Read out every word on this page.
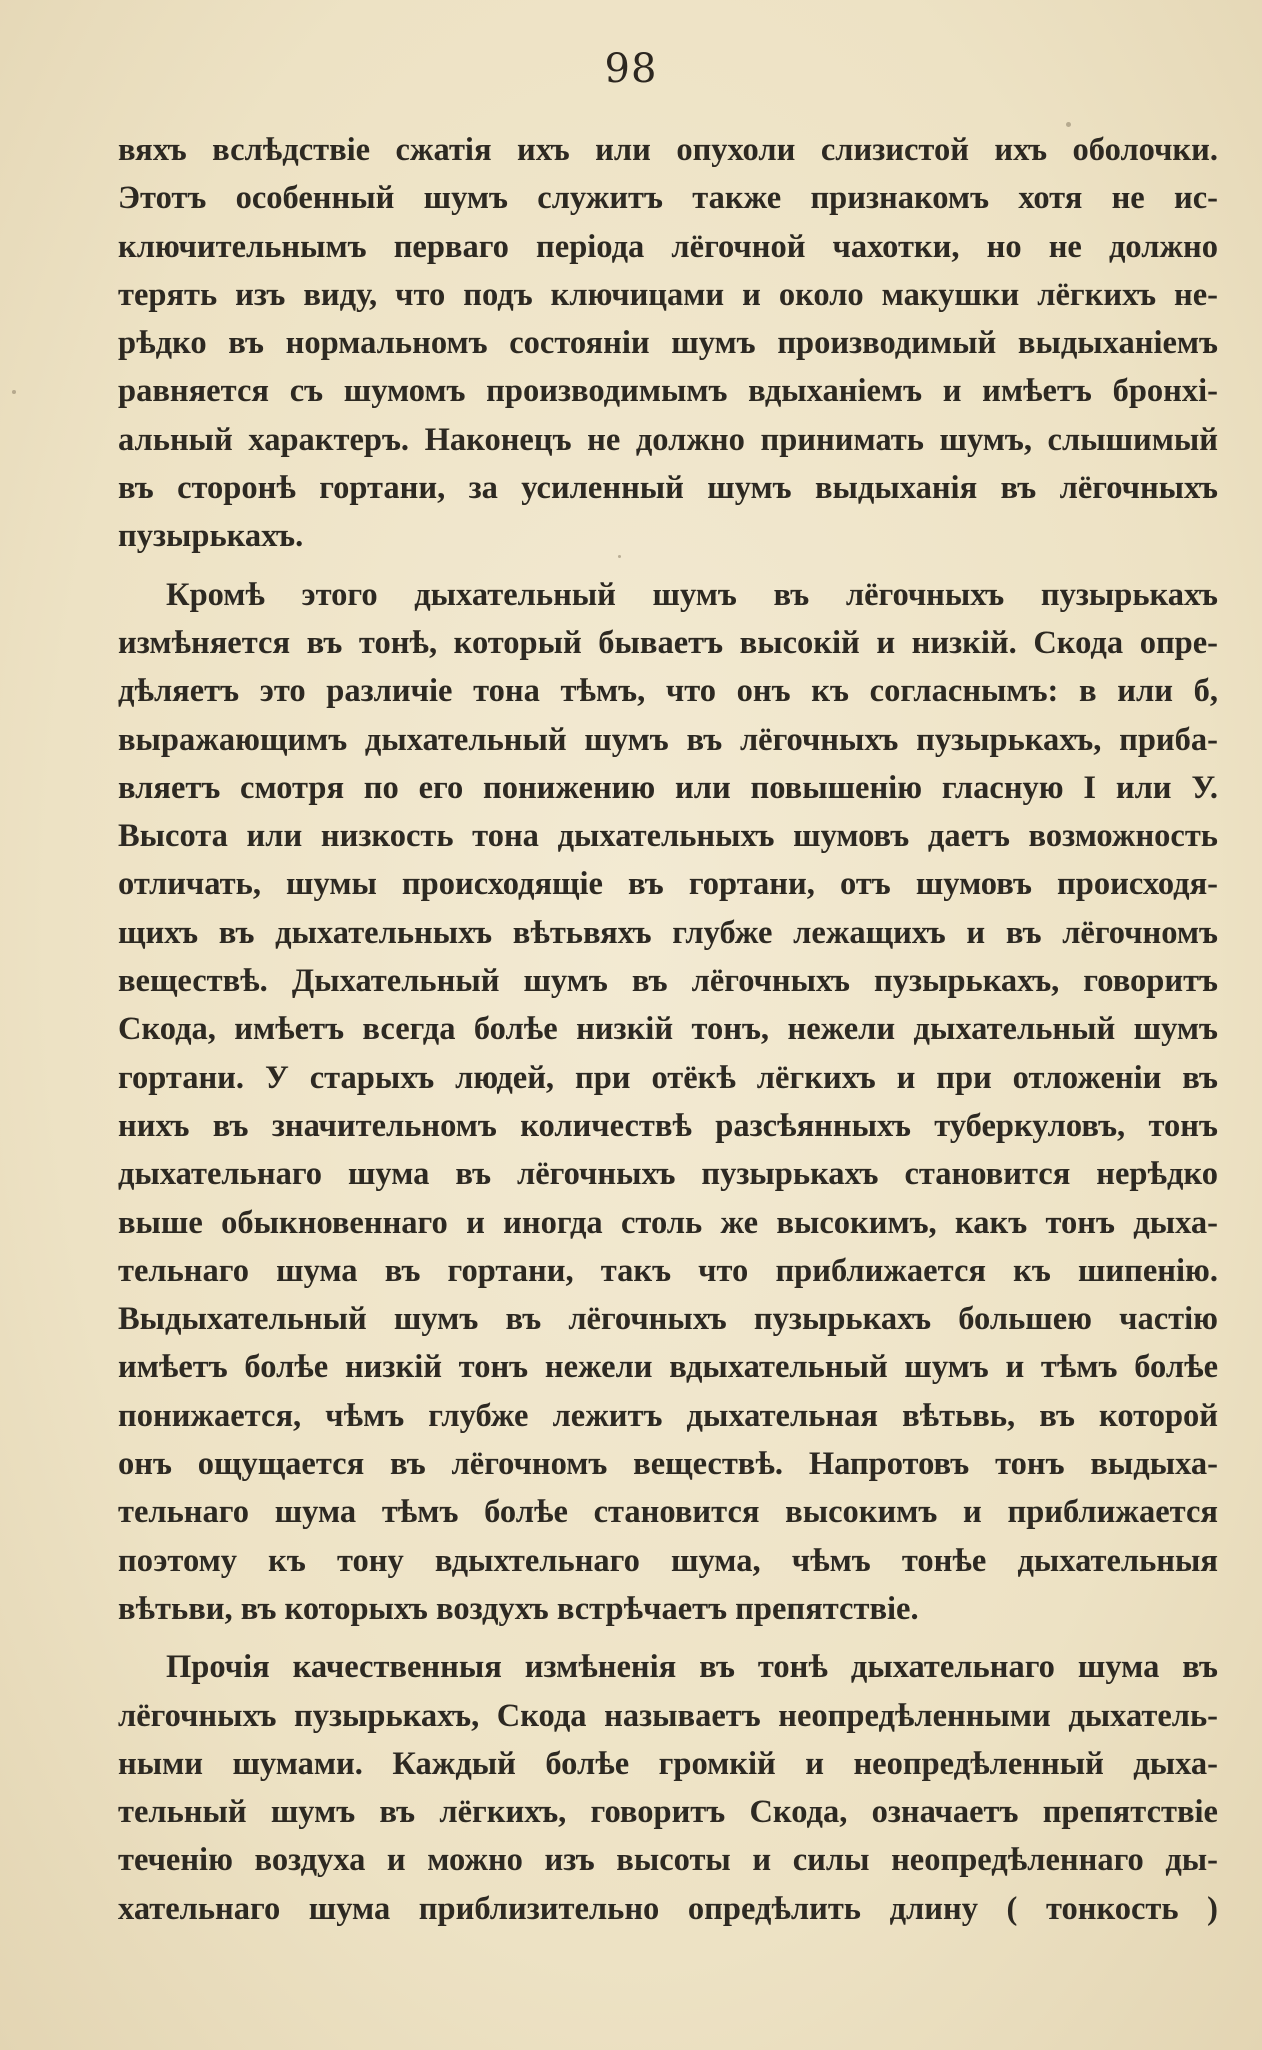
98
вяхъ вслѣдствіе сжатія ихъ или опухоли слизистой ихъ оболочки.
Этотъ особенный шумъ служитъ также признакомъ хотя не ис-
ключительнымъ перваго періода лёгочной чахотки, но не должно
терять изъ виду, что подъ ключицами и около макушки лёгкихъ не-
рѣдко въ нормальномъ состояніи шумъ производимый выдыханіемъ
равняется съ шумомъ производимымъ вдыханіемъ и имѣетъ бронхі-
альный характеръ. Наконецъ не должно принимать шумъ, слышимый
въ сторонѣ гортани, за усиленный шумъ выдыханія въ лёгочныхъ
пузырькахъ.
Кромѣ этого дыхательный шумъ въ лёгочныхъ пузырькахъ
измѣняется въ тонѣ, который бываетъ высокій и низкій. Скода опре-
дѣляетъ это различіе тона тѣмъ, что онъ къ согласнымъ: в или б,
выражающимъ дыхательный шумъ въ лёгочныхъ пузырькахъ, приба-
вляетъ смотря по его понижению или повышенію гласную I или У.
Высота или низкость тона дыхательныхъ шумовъ даетъ возможность
отличать, шумы происходящіе въ гортани, отъ шумовъ происходя-
щихъ въ дыхательныхъ вѣтьвяхъ глубже лежащихъ и въ лёгочномъ
веществѣ. Дыхательный шумъ въ лёгочныхъ пузырькахъ, говоритъ
Скода, имѣетъ всегда болѣе низкій тонъ, нежели дыхательный шумъ
гортани. У старыхъ людей, при отёкѣ лёгкихъ и при отложеніи въ
нихъ въ значительномъ количествѣ разсѣянныхъ туберкуловъ, тонъ
дыхательнаго шума въ лёгочныхъ пузырькахъ становится нерѣдко
выше обыкновеннаго и иногда столь же высокимъ, какъ тонъ дыха-
тельнаго шума въ гортани, такъ что приближается къ шипенію.
Выдыхательный шумъ въ лёгочныхъ пузырькахъ большею частію
имѣетъ болѣе низкій тонъ нежели вдыхательный шумъ и тѣмъ болѣе
понижается, чѣмъ глубже лежитъ дыхательная вѣтьвь, въ которой
онъ ощущается въ лёгочномъ веществѣ. Напротовъ тонъ выдыха-
тельнаго шума тѣмъ болѣе становится высокимъ и приближается
поэтому къ тону вдыхтельнаго шума, чѣмъ тонѣе дыхательныя
вѣтьви, въ которыхъ воздухъ встрѣчаетъ препятствіе.
Прочія качественныя измѣненія въ тонѣ дыхательнаго шума въ
лёгочныхъ пузырькахъ, Скода называетъ неопредѣленными дыхатель-
ными шумами. Каждый болѣе громкій и неопредѣленный дыха-
тельный шумъ въ лёгкихъ, говоритъ Скода, означаетъ препятствіе
теченію воздуха и можно изъ высоты и силы неопредѣленнаго ды-
хательнаго шума приблизительно опредѣлить длину ( тонкость )
